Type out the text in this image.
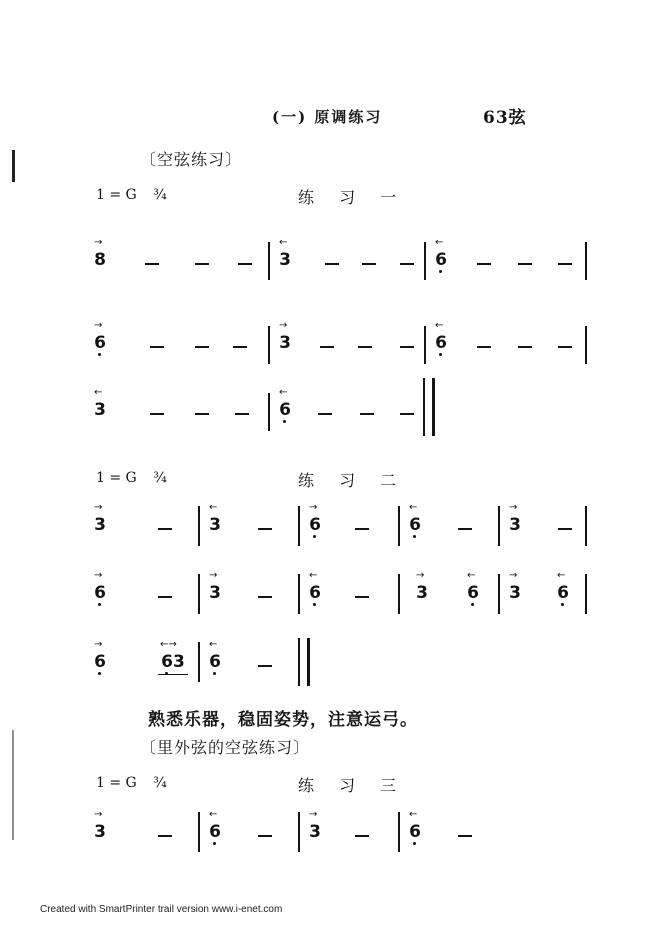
(一) 原调练习	63弦
〔空弦练习〕
1 = G ¾	练 习 一
→
8
←
3
←
6
→
6
→
3
←
6
←
3
←
6
1 = G ¾	练 习 二
→
3
←
3
→
6
←
6
→
3
→
6
→
3
←
6
→
3
←
6
→
3
←
6
→
6
←→
63
←
6
熟悉乐器，稳固姿势，注意运弓。
〔里外弦的空弦练习〕
1 = G ¾	练 习 三
→
3
←
6
→
3
←
6
Created with SmartPrinter trail version www.i-enet.com
